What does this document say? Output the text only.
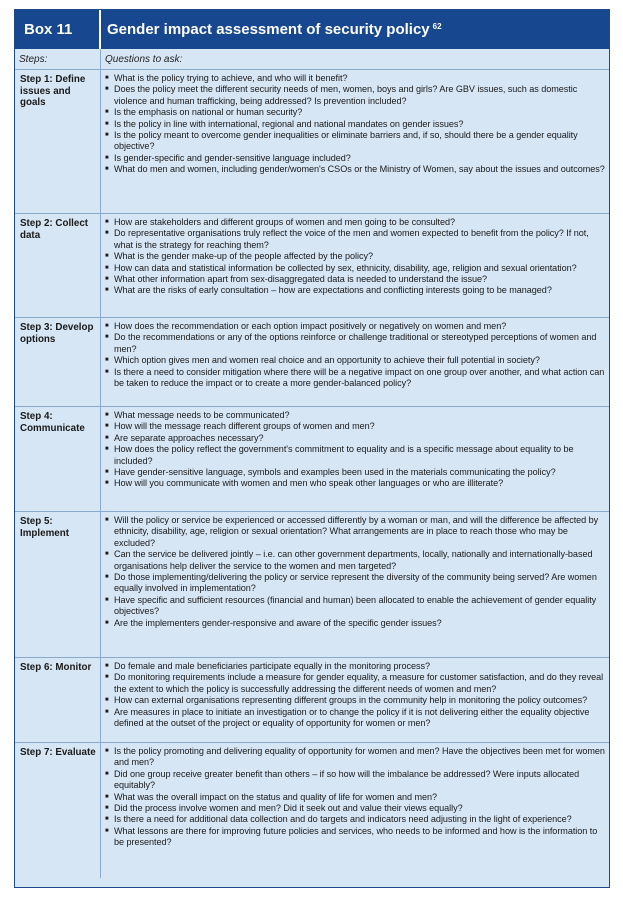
Box 11	Gender impact assessment of security policy $^{62}$
Steps:	Questions to ask:
Step 1: Define issues and goals
■ What is the policy trying to achieve, and who will it benefit?
■ Does the policy meet the different security needs of men, women, boys and girls? Are GBV issues, such as domestic violence and human trafficking, being addressed? Is prevention included?
■ Is the emphasis on national or human security?
■ Is the policy in line with international, regional and national mandates on gender issues?
■ Is the policy meant to overcome gender inequalities or eliminate barriers and, if so, should there be a gender equality objective?
■ Is gender-specific and gender-sensitive language included?
■ What do men and women, including gender/women's CSOs or the Ministry of Women, say about the issues and outcomes?
Step 2: Collect data
■ How are stakeholders and different groups of women and men going to be consulted?
■ Do representative organisations truly reflect the voice of the men and women expected to benefit from the policy? If not, what is the strategy for reaching them?
■ What is the gender make-up of the people affected by the policy?
■ How can data and statistical information be collected by sex, ethnicity, disability, age, religion and sexual orientation?
■ What other information apart from sex-disaggregated data is needed to understand the issue?
■ What are the risks of early consultation – how are expectations and conflicting interests going to be managed?
Step 3: Develop options
■ How does the recommendation or each option impact positively or negatively on women and men?
■ Do the recommendations or any of the options reinforce or challenge traditional or stereotyped perceptions of women and men?
■ Which option gives men and women real choice and an opportunity to achieve their full potential in society?
■ Is there a need to consider mitigation where there will be a negative impact on one group over another, and what action can be taken to reduce the impact or to create a more gender-balanced policy?
Step 4: Communicate
■ What message needs to be communicated?
■ How will the message reach different groups of women and men?
■ Are separate approaches necessary?
■ How does the policy reflect the government's commitment to equality and is a specific message about equality to be included?
■ Have gender-sensitive language, symbols and examples been used in the materials communicating the policy?
■ How will you communicate with women and men who speak other languages or who are illiterate?
Step 5: Implement
■ Will the policy or service be experienced or accessed differently by a woman or man, and will the difference be affected by ethnicity, disability, age, religion or sexual orientation? What arrangements are in place to reach those who may be excluded?
■ Can the service be delivered jointly – i.e. can other government departments, locally, nationally and internationally-based organisations help deliver the service to the women and men targeted?
■ Do those implementing/delivering the policy or service represent the diversity of the community being served? Are women equally involved in implementation?
■ Have specific and sufficient resources (financial and human) been allocated to enable the achievement of gender equality objectives?
■ Are the implementers gender-responsive and aware of the specific gender issues?
Step 6: Monitor	■ Do female and male beneficiaries participate equally in the monitoring process?
■ Do monitoring requirements include a measure for gender equality, a measure for customer satisfaction, and do they reveal the extent to which the policy is successfully addressing the different needs of women and men?
■ How can external organisations representing different groups in the community help in monitoring the policy outcomes?
■ Are measures in place to initiate an investigation or to change the policy if it is not delivering either the equality objective defined at the outset of the project or equality of opportunity for women or men?
Step 7: Evaluate	■ Is the policy promoting and delivering equality of opportunity for women and men? Have the objectives been met for women and men?
■ Did one group receive greater benefit than others – if so how will the imbalance be addressed? Were inputs allocated equitably?
■ What was the overall impact on the status and quality of life for women and men?
■ Did the process involve women and men? Did it seek out and value their views equally?
■ Is there a need for additional data collection and do targets and indicators need adjusting in the light of experience?
■ What lessons are there for improving future policies and services, who needs to be informed and how is the information to be presented?
